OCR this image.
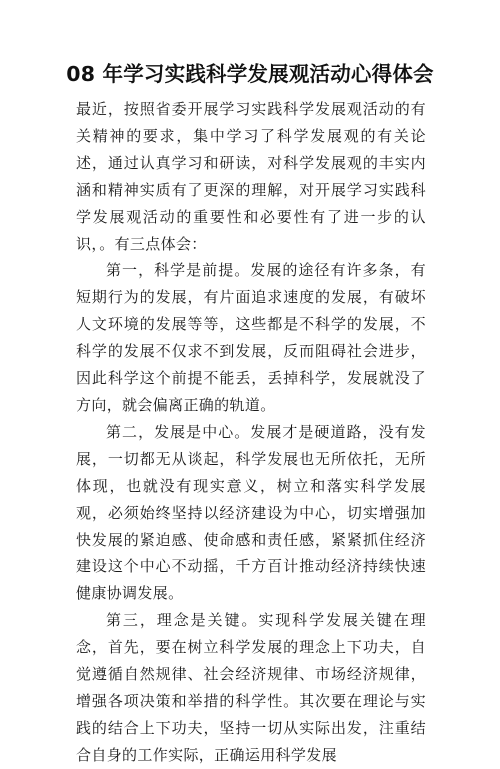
08 年学习实践科学发展观活动心得体会

最近，按照省委开展学习实践科学发展观活动的有关精神的要求，集中学习了科学发展观的有关论述，通过认真学习和研读，对科学发展观的丰实内涵和精神实质有了更深的理解，对开展学习实践科学发展观活动的重要性和必要性有了进一步的认识，。有三点体会：

第一，科学是前提。发展的途径有许多条，有短期行为的发展，有片面追求速度的发展，有破坏人文环境的发展等等，这些都是不科学的发展，不科学的发展不仅求不到发展，反而阻碍社会进步，因此科学这个前提不能丢，丢掉科学，发展就没了方向，就会偏离正确的轨道。

第二，发展是中心。发展才是硬道路，没有发展，一切都无从谈起，科学发展也无所依托，无所体现，也就没有现实意义，树立和落实科学发展观，必须始终坚持以经济建设为中心，切实增强加快发展的紧迫感、使命感和责任感，紧紧抓住经济建设这个中心不动摇，千方百计推动经济持续快速健康协调发展。

第三，理念是关键。实现科学发展关键在理念，首先，要在树立科学发展的理念上下功夫，自觉遵循自然规律、社会经济规律、市场经济规律，增强各项决策和举措的科学性。其次要在理论与实践的结合上下功夫，坚持一切从实际出发，注重结合自身的工作实际，正确运用科学发展
